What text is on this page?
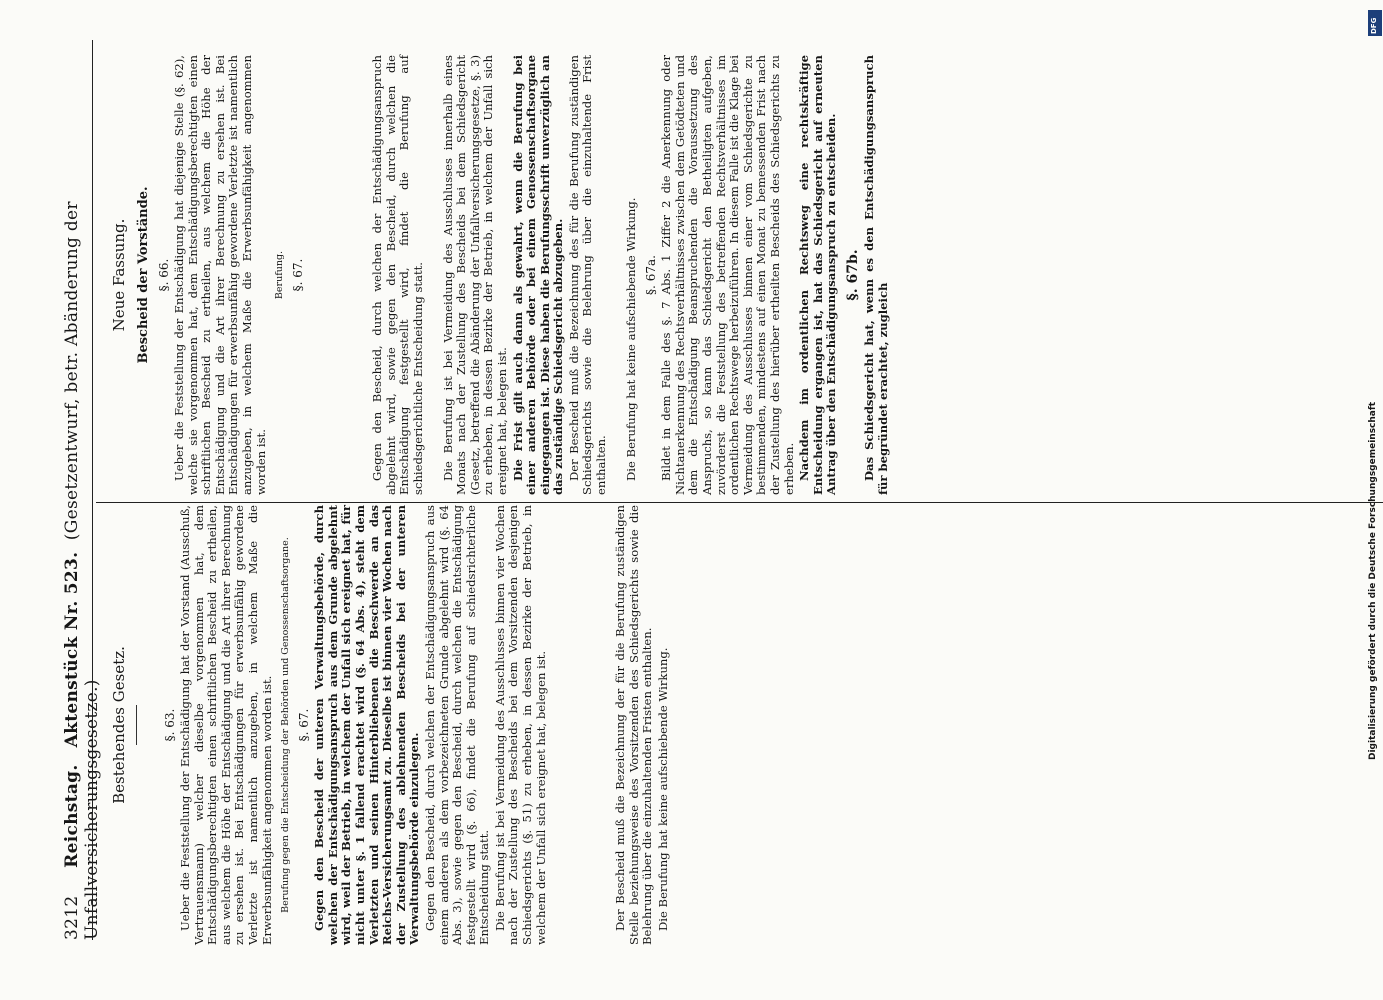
3212 Reichstag.   Aktenstück Nr. 523.  (Gesetzentwurf, betr. Abänderung der Unfallversicherungsgesetze.) Bestehendes Gesetz.	§. 63. Ueber die Feststellung der Entschädigung hat der Vorstand (Ausschuß, Vertrauensmann) welcher dieselbe vorgenommen hat, dem Entschädigungsberechtigten einen schriftlichen Bescheid zu ertheilen, aus welchem die Höhe der Entschädigung und die Art ihrer Berechnung zu ersehen ist. Bei Entschädigungen für erwerbsunfähig gewordene Verletzte ist namentlich anzugeben, in welchem Maße die Erwerbsunfähigkeit angenommen worden ist. Berufung gegen die Entscheidung der Behörden und Genossenschaftsorgane. §. 67. Gegen den Bescheid der unteren Verwaltungsbehörde, durch welchen der Entschädigungsanspruch aus dem Grunde abgelehnt wird, weil der Betrieb, in welchem der Unfall sich ereignet hat, für nicht unter §. 1 fallend erachtet wird (§. 64 Abs. 4), steht dem Verletzten und seinen Hinterbliebenen die Beschwerde an das Reichs-Versicherungsamt zu. Dieselbe ist binnen vier Wochen nach der Zustellung des ablehnenden Bescheids bei der unteren Verwaltungsbehörde einzulegen. Gegen den Bescheid, durch welchen der Entschädigungsanspruch aus einem anderen als dem vorbezeichneten Grunde abgelehnt wird (§. 64 Abs. 3), sowie gegen den Bescheid, durch welchen die Entschädigung festgestellt wird (§. 66), findet die Berufung auf schiedsrichterliche Entscheidung statt. Die Berufung ist bei Vermeidung des Ausschlusses binnen vier Wochen nach der Zustellung des Bescheids bei dem Vorsitzenden desjenigen Schiedsgerichts (§. 51) zu erheben, in dessen Bezirke der Betrieb, in welchem der Unfall sich ereignet hat, belegen ist.	Der Bescheid muß die Bezeichnung der für die Berufung zuständigen Stelle beziehungsweise des Vorsitzenden des Schiedsgerichts sowie die Belehrung über die einzuhaltenden Fristen enthalten. Die Berufung hat keine aufschiebende Wirkung.

Neue Fassung. Bescheid der Vorstände. §. 66. Ueber die Feststellung der Entschädigung hat diejenige Stelle (§. 62), welche sie vorgenommen hat, dem Entschädigungsberechtigten einen schriftlichen Bescheid zu ertheilen, aus welchem die Höhe der Entschädigung und die Art ihrer Berechnung zu ersehen ist. Bei Entschädigungen für erwerbsunfähig gewordene Verletzte ist namentlich anzugeben, in welchem Maße die Erwerbsunfähigkeit angenommen worden ist.

Berufung. §. 67.	Gegen den Bescheid, durch welchen der Entschädigungsanspruch abgelehnt wird, sowie gegen den Bescheid, durch welchen die Entschädigung festgestellt wird, findet die Berufung auf schiedsgerichtliche Entscheidung statt. Die Berufung ist bei Vermeidung des Ausschlusses innerhalb eines Monats nach der Zustellung des Bescheids bei dem Schiedsgericht (Gesetz, betreffend die Abänderung der Unfallversicherungsgesetze, §. 3) zu erheben, in dessen Bezirke der Betrieb, in welchem der Unfall sich ereignet hat, belegen ist. Die Frist gilt auch dann als gewahrt, wenn die Berufung bei einer anderen Behörde oder bei einem Genossenschaftsorgane eingegangen ist. Diese haben die Berufungsschrift unverzüglich an das zuständige Schiedsgericht abzugeben. Der Bescheid muß die Bezeichnung des für die Berufung zuständigen Schiedsgerichts sowie die Belehrung über die einzuhaltende Frist enthalten. Die Berufung hat keine aufschiebende Wirkung. §. 67a. Bildet in dem Falle des §. 7 Abs. 1 Ziffer 2 die Anerkennung oder Nichtanerkennung des Rechtsverhältnisses zwischen dem Getödteten und dem die Entschädigung Beanspruchenden die Voraussetzung des Anspruchs, so kann das Schiedsgericht den Betheiligten aufgeben, zuvörderst die Feststellung des betreffenden Rechtsverhältnisses im ordentlichen Rechtswege herbeizuführen. In diesem Falle ist die Klage bei Vermeidung des Ausschlusses binnen einer vom Schiedsgerichte zu bestimmenden, mindestens auf einen Monat zu bemessenden Frist nach der Zustellung des hierüber ertheilten Bescheids des Schiedsgerichts zu erheben. Nachdem im ordentlichen Rechtsweg eine rechtskräftige Entscheidung ergangen ist, hat das Schiedsgericht auf erneuten Antrag über den Entschädigungsanspruch zu entscheiden. §. 67b. Das Schiedsgericht hat, wenn es den Entschädigungsanspruch für begründet erachtet, zugleich

DFG
Digitalisierung gefördert durch die Deutsche Forschungsgemeinschaft
